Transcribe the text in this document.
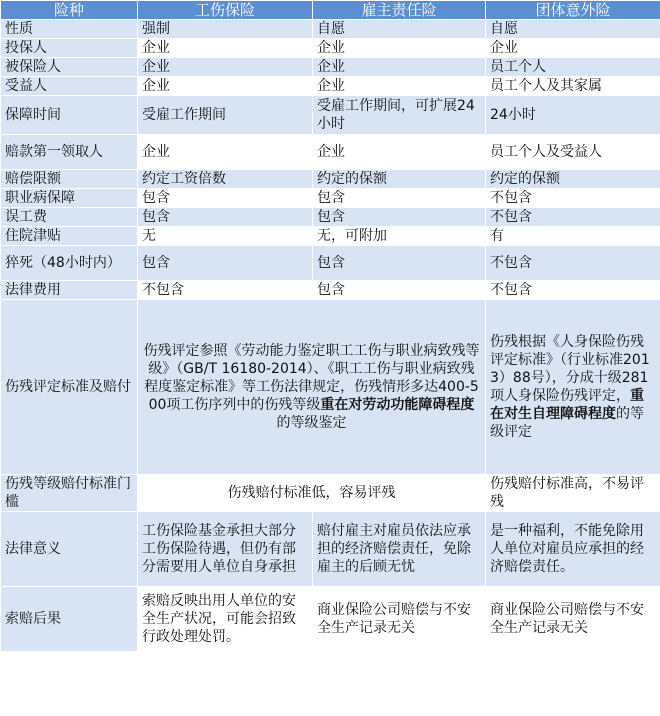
险种	工伤保险	雇主责任险	团体意外险
性质	强制	自愿	自愿
投保人	企业	企业	企业
被保险人	企业	企业	员工个人
受益人	企业	企业	员工个人及其家属
保障时间	受雇工作期间	受雇工作期间，可扩展24小时	24小时
赔款第一领取人	企业	企业	员工个人及受益人
赔偿限额	约定工资倍数	约定的保额	约定的保额
职业病保障	包含	包含	不包含
误工费	包含	包含	不包含
住院津贴	无	无，可附加	有
猝死（48小时内）	包含	包含	不包含
法律费用	不包含	包含	不包含
伤残评定标准及赔付	伤残评定参照《劳动能力鉴定职工工伤与职业病致残等级》（GB/T 16180-2014）、《职工工伤与职业病致残程度鉴定标准》等工伤法律规定，伤残情形多达400-500项工伤序列中的伤残等级重在对劳动功能障碍程度的等级鉴定		伤残根据《人身保险伤残评定标准》（行业标准2013）88号），分成十级281项人身保险伤残评定，重在对生自理障碍程度的等级评定
伤残等级赔付标准门槛	伤残赔付标准低，容易评残		伤残赔付标准高，不易评残
法律意义	工伤保险基金承担大部分工伤保险待遇，但仍有部分需要用人单位自身承担	赔付雇主对雇员依法应承担的经济赔偿责任，免除雇主的后顾无忧	是一种福利，不能免除用人单位对雇员应承担的经济赔偿责任。
索赔后果	索赔反映出用人单位的安全生产状况，可能会招致行政处理处罚。	商业保险公司赔偿与不安全生产记录无关	商业保险公司赔偿与不安全生产记录无关
